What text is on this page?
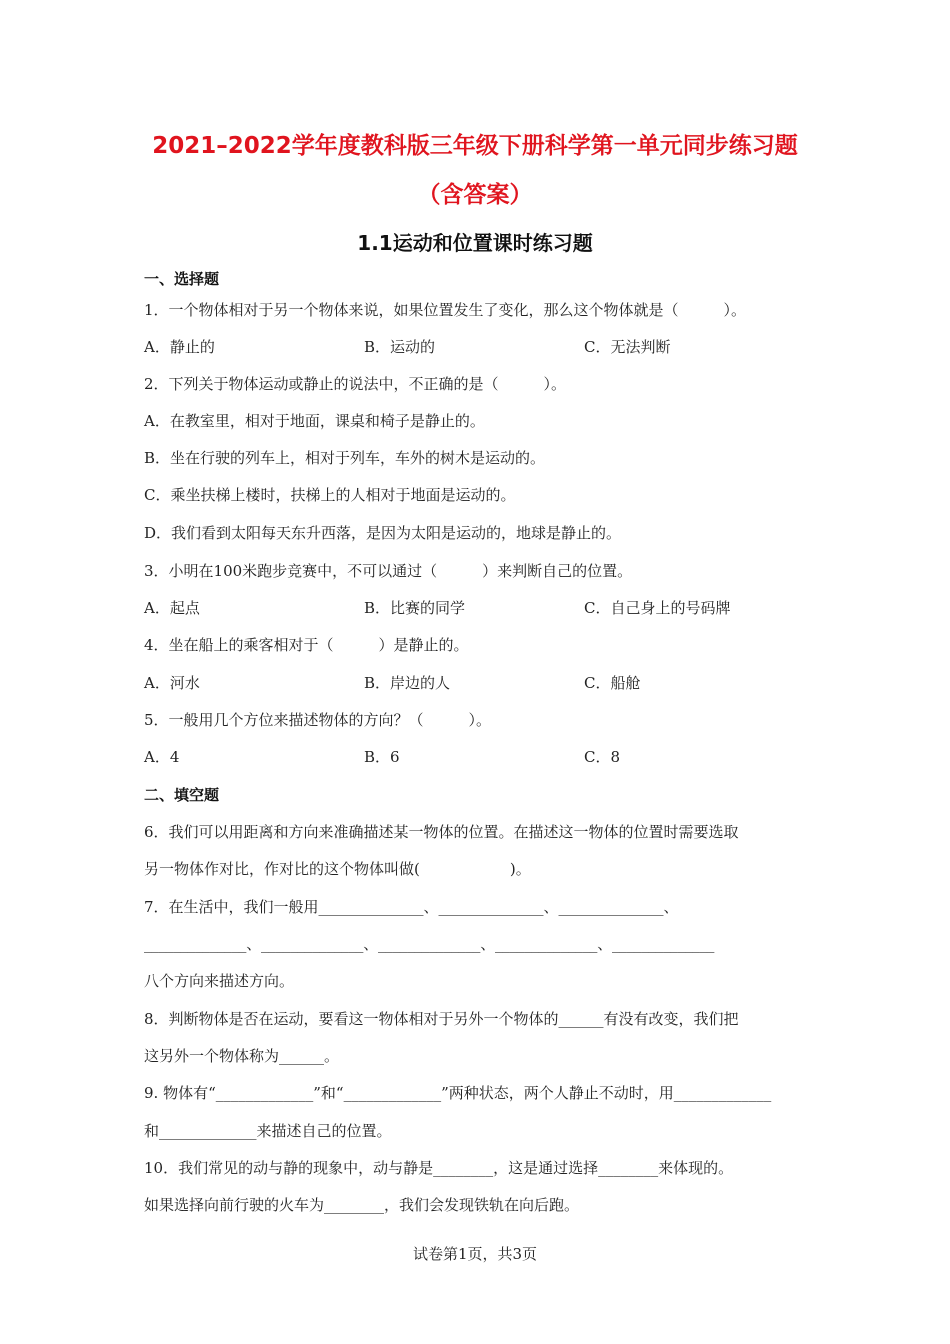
2021–2022学年度教科版三年级下册科学第一单元同步练习题
（含答案）
1.1运动和位置课时练习题
一、选择题
1．一个物体相对于另一个物体来说，如果位置发生了变化，那么这个物体就是（　　　）。
A．静止的	B．运动的	C．无法判断
2．下列关于物体运动或静止的说法中，不正确的是（　　　）。
A．在教室里，相对于地面，课桌和椅子是静止的。
B．坐在行驶的列车上，相对于列车，车外的树木是运动的。
C．乘坐扶梯上楼时，扶梯上的人相对于地面是运动的。
D．我们看到太阳每天东升西落，是因为太阳是运动的，地球是静止的。
3．小明在100米跑步竞赛中，不可以通过（　　　）来判断自己的位置。
A．起点	B．比赛的同学	C．自己身上的号码牌
4．坐在船上的乘客相对于（　　　）是静止的。
A．河水	B．岸边的人	C．船舱
5．一般用几个方位来描述物体的方向？（　　　）。
A．4	B．6	C．8
二、填空题
6．我们可以用距离和方向来准确描述某一物体的位置。在描述这一物体的位置时需要选取
另一物体作对比，作对比的这个物体叫做(　　　　　　)。
7．在生活中，我们一般用______________、______________、______________、
______________、______________、______________、______________、______________
八个方向来描述方向。
8．判断物体是否在运动，要看这一物体相对于另外一个物体的______有没有改变，我们把
这另外一个物体称为______。
9. 物体有“_____________”和“_____________”两种状态，两个人静止不动时，用_____________
和_____________来描述自己的位置。
10．我们常见的动与静的现象中，动与静是________，这是通过选择________来体现的。
如果选择向前行驶的火车为________，我们会发现铁轨在向后跑。
试卷第1页，共3页
